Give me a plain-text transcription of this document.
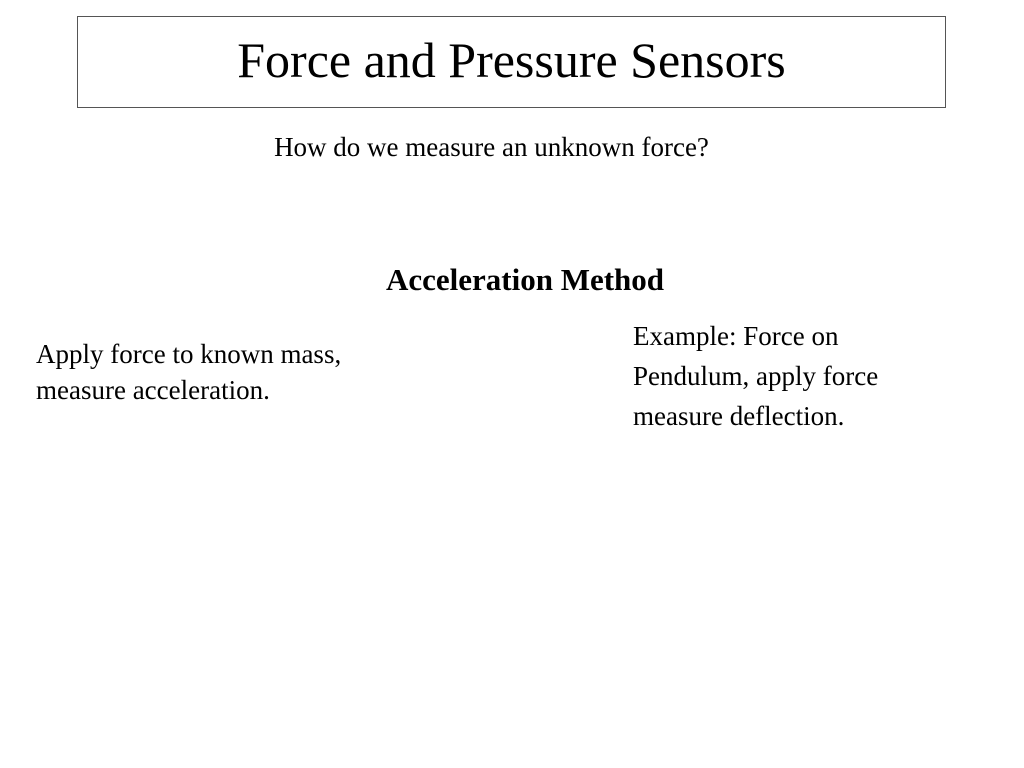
Force and Pressure Sensors
How do we measure an unknown force?
Acceleration Method
Apply force to known mass,
measure acceleration.
Example: Force on
Pendulum, apply force
measure deflection.
